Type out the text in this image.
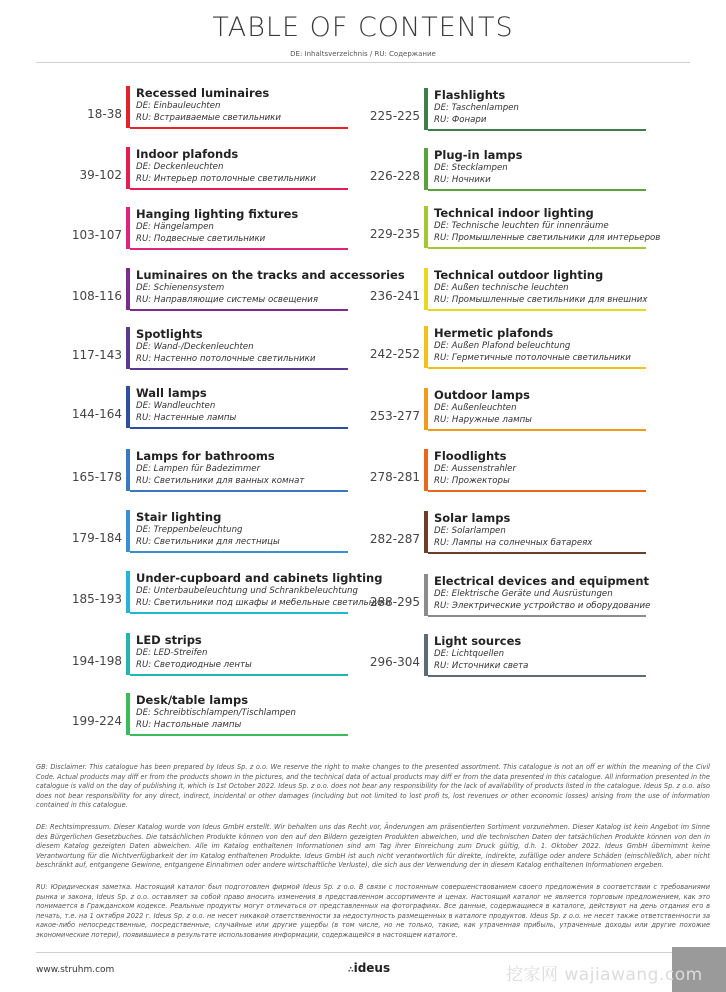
TABLE OF CONTENTS
DE: Inhaltsverzeichnis / RU: Содержание
18-38
Recessed luminaires
DE: Einbauleuchten
RU: Встраиваемые светильники
39-102
Indoor plafonds
DE: Deckenleuchten
RU: Интерьер потолочные светильники
103-107
Hanging lighting fixtures
DE: Hängelampen
RU: Подвесные светильники
108-116
Luminaires on the tracks and accessories
DE: Schienensystem
RU: Направляющие системы освещения
117-143
Spotlights
DE: Wand-/Deckenleuchten
RU: Настенно потолочные светильники
144-164
Wall lamps
DE: Wandleuchten
RU: Настенные лампы
165-178
Lamps for bathrooms
DE: Lampen für Badezimmer
RU: Светильники для ванных комнат
179-184
Stair lighting
DE: Treppenbeleuchtung
RU: Светильники для лестницы
185-193
Under-cupboard and cabinets lighting
DE: Unterbaubeleuchtung und Schrankbeleuchtung
RU: Светильники под шкафы и мебельные светильники
194-198
LED strips
DE: LED-Streifen
RU: Светодиодные ленты
199-224
Desk/table lamps
DE: Schreibtischlampen/Tischlampen
RU: Настольные лампы
225-225
Flashlights
DE: Taschenlampen
RU: Фонари
226-228
Plug-in lamps
DE: Stecklampen
RU: Ночники
229-235
Technical indoor lighting
DE: Technische leuchten für innenräume
RU: Промышленные светильники для интерьеров
236-241
Technical outdoor lighting
DE: Außen technische leuchten
RU: Промышленные светильники для внешних
242-252
Hermetic plafonds
DE: Außen Plafond beleuchtung
RU: Герметичные потолочные светильники
253-277
Outdoor lamps
DE: Außenleuchten
RU: Наружные лампы
278-281
Floodlights
DE: Aussenstrahler
RU: Прожекторы
282-287
Solar lamps
DE: Solarlampen
RU: Лампы на солнечных батареях
288-295
Electrical devices and equipment
DE: Elektrische Geräte und Ausrüstungen
RU: Электрические устройство и оборудование
296-304
Light sources
DE: Lichtquellen
RU: Источники света
GB: Disclaimer. This catalogue has been prepared by Ideus Sp. z o.o. We reserve the right to make changes to the presented assortment. This catalogue is not an off er within the meaning of the Civil Code. Actual products may diff er from the products shown in the pictures, and the technical data of actual products may diff er from the data presented in this catalogue. All information presented in the catalogue is valid on the day of publishing it, which is 1st October 2022. Ideus Sp. z o.o. does not bear any responsibility for the lack of availability of products listed in the catalogue. Ideus Sp. z o.o. also does not bear responsibility for any direct, indirect, incidental or other damages (including but not limited to lost profi ts, lost revenues or other economic losses) arising from the use of information contained in this catalogue.
DE: Rechtsimpressum. Dieser Katalog wurde von Ideus GmbH erstellt. Wir behalten uns das Recht vor, Änderungen am präsentierten Sortiment vorzunehmen. Dieser Katalog ist kein Angebot im Sinne des Bürgerlichen Gesetzbuches. Die tatsächlichen Produkte können von den auf den Bildern gezeigten Produkten abweichen, und die technischen Daten der tatsächlichen Produkte können von den in diesem Katalog gezeigten Daten abweichen. Alle im Katalog enthaltenen Informationen sind am Tag ihrer Einreichung zum Druck gültig, d.h. 1. Oktober 2022. Ideus GmbH übernimmt keine Verantwortung für die Nichtverfügbarkeit der im Katalog enthaltenen Produkte. Ideus GmbH ist auch nicht verantwortlich für direkte, indirekte, zufällige oder andere Schäden (einschließlich, aber nicht beschränkt auf, entgangene Gewinne, entgangene Einnahmen oder andere wirtschaftliche Verluste), die sich aus der Verwendung der in diesem Katalog enthaltenen Informationen ergeben.
RU: Юридическая заметка. Настоящий каталог был подготовлен фирмой Ideus Sp. z o.o. В связи с постоянным совершенствованием своего предложения в соответствии с требованиями рынка и закона, Ideus Sp. z o.o. оставляет за собой право вносить изменения в представленном ассортименте и ценах. Настоящий каталог не является торговым предложением, как это понимается в Гражданском кодексе. Реальные продукты могут отличаться от представленных на фотографиях. Все данные, содержащиеся в каталоге, действуют на день отдания его в печать, т.е. на 1 октября 2022 г. Ideus Sp. z o.o. не несет никакой ответственности за недоступность размещенных в каталоге продуктов. Ideus Sp. z o.o. не несет также ответственности за какое-либо непосредственные, посредственные, случайные или другие ущербы (в том числе, но не только, такие, как утраченная прибыль, утраченные доходы или другие похожие экономические потери), появившиеся в результате использования информации, содержащейся в настоящем каталоге.
www.struhm.com	∴ideus	挖家网 wajiawang.com
